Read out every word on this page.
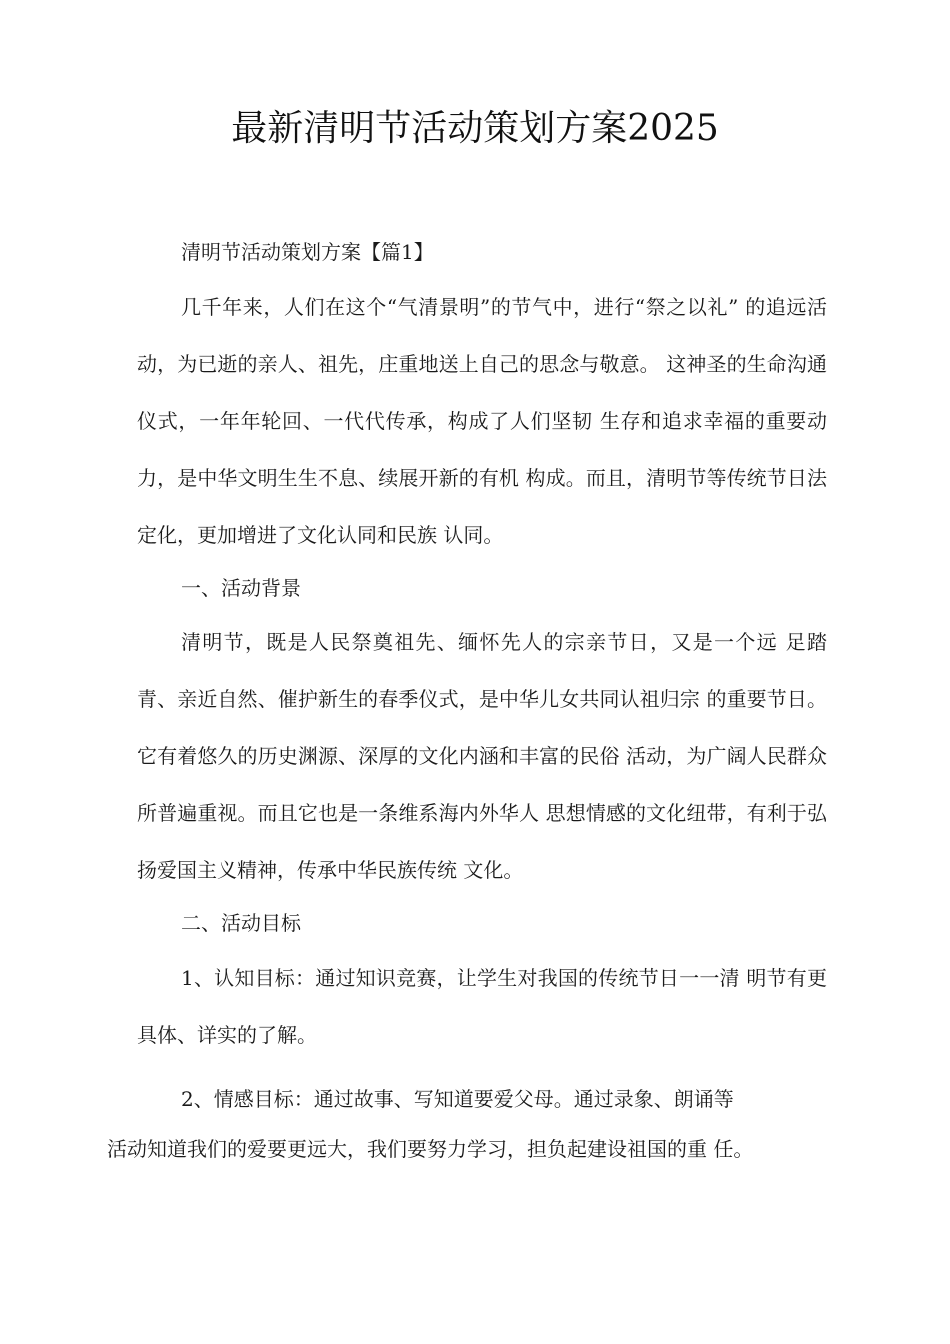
最新清明节活动策划方案2025
清明节活动策划方案【篇1】
几千年来，人们在这个“气清景明”的节气中，进行“祭之以礼” 的追远活动，为已逝的亲人、祖先，庄重地送上自己的思念与敬意。 这神圣的生命沟通仪式，一年年轮回、一代代传承，构成了人们坚韧 生存和追求幸福的重要动力，是中华文明生生不息、续展开新的有机 构成。而且，清明节等传统节日法定化，更加增进了文化认同和民族 认同。
一、活动背景
清明节，既是人民祭奠祖先、缅怀先人的宗亲节日，又是一个远 足踏青、亲近自然、催护新生的春季仪式，是中华儿女共同认祖归宗 的重要节日。它有着悠久的历史渊源、深厚的文化内涵和丰富的民俗 活动，为广阔人民群众所普遍重视。而且它也是一条维系海内外华人 思想情感的文化纽带，有利于弘扬爱国主义精神，传承中华民族传统 文化。
二、活动目标
1、认知目标：通过知识竞赛，让学生对我国的传统节日一一清 明节有更具体、详实的了解。
2、情感目标：通过故事、写知道要爱父母。通过录象、朗诵等
活动知道我们的爱要更远大，我们要努力学习，担负起建设祖国的重 任。
